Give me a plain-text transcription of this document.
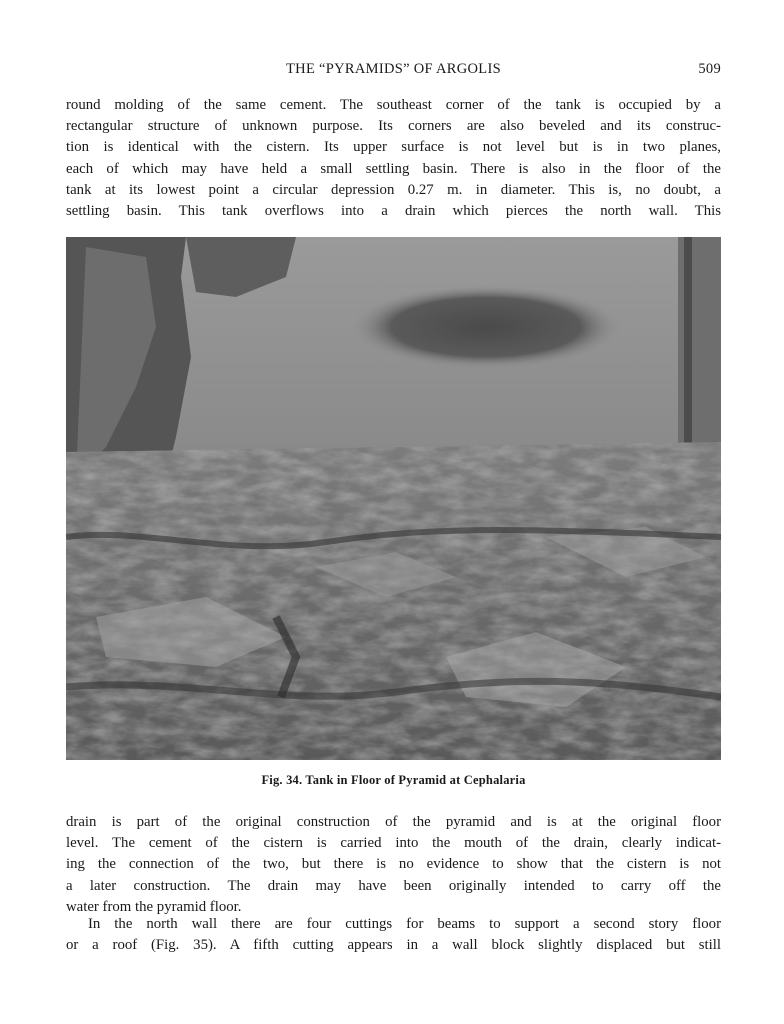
THE “PYRAMIDS” OF ARGOLIS	509
round molding of the same cement. The southeast corner of the tank is occupied by a
rectangular structure of unknown purpose. Its corners are also beveled and its construc-
tion is identical with the cistern. Its upper surface is not level but is in two planes,
each of which may have held a small settling basin. There is also in the floor of the
tank at its lowest point a circular depression 0.27 m. in diameter. This is, no doubt, a
settling basin. This tank overflows into a drain which pierces the north wall. This
Fig. 34. Tank in Floor of Pyramid at Cephalaria
drain is part of the original construction of the pyramid and is at the original floor
level. The cement of the cistern is carried into the mouth of the drain, clearly indicat-
ing the connection of the two, but there is no evidence to show that the cistern is not
a later construction. The drain may have been originally intended to carry off the
water from the pyramid floor.
In the north wall there are four cuttings for beams to support a second story floor
or a roof (Fig. 35). A fifth cutting appears in a wall block slightly displaced but still
